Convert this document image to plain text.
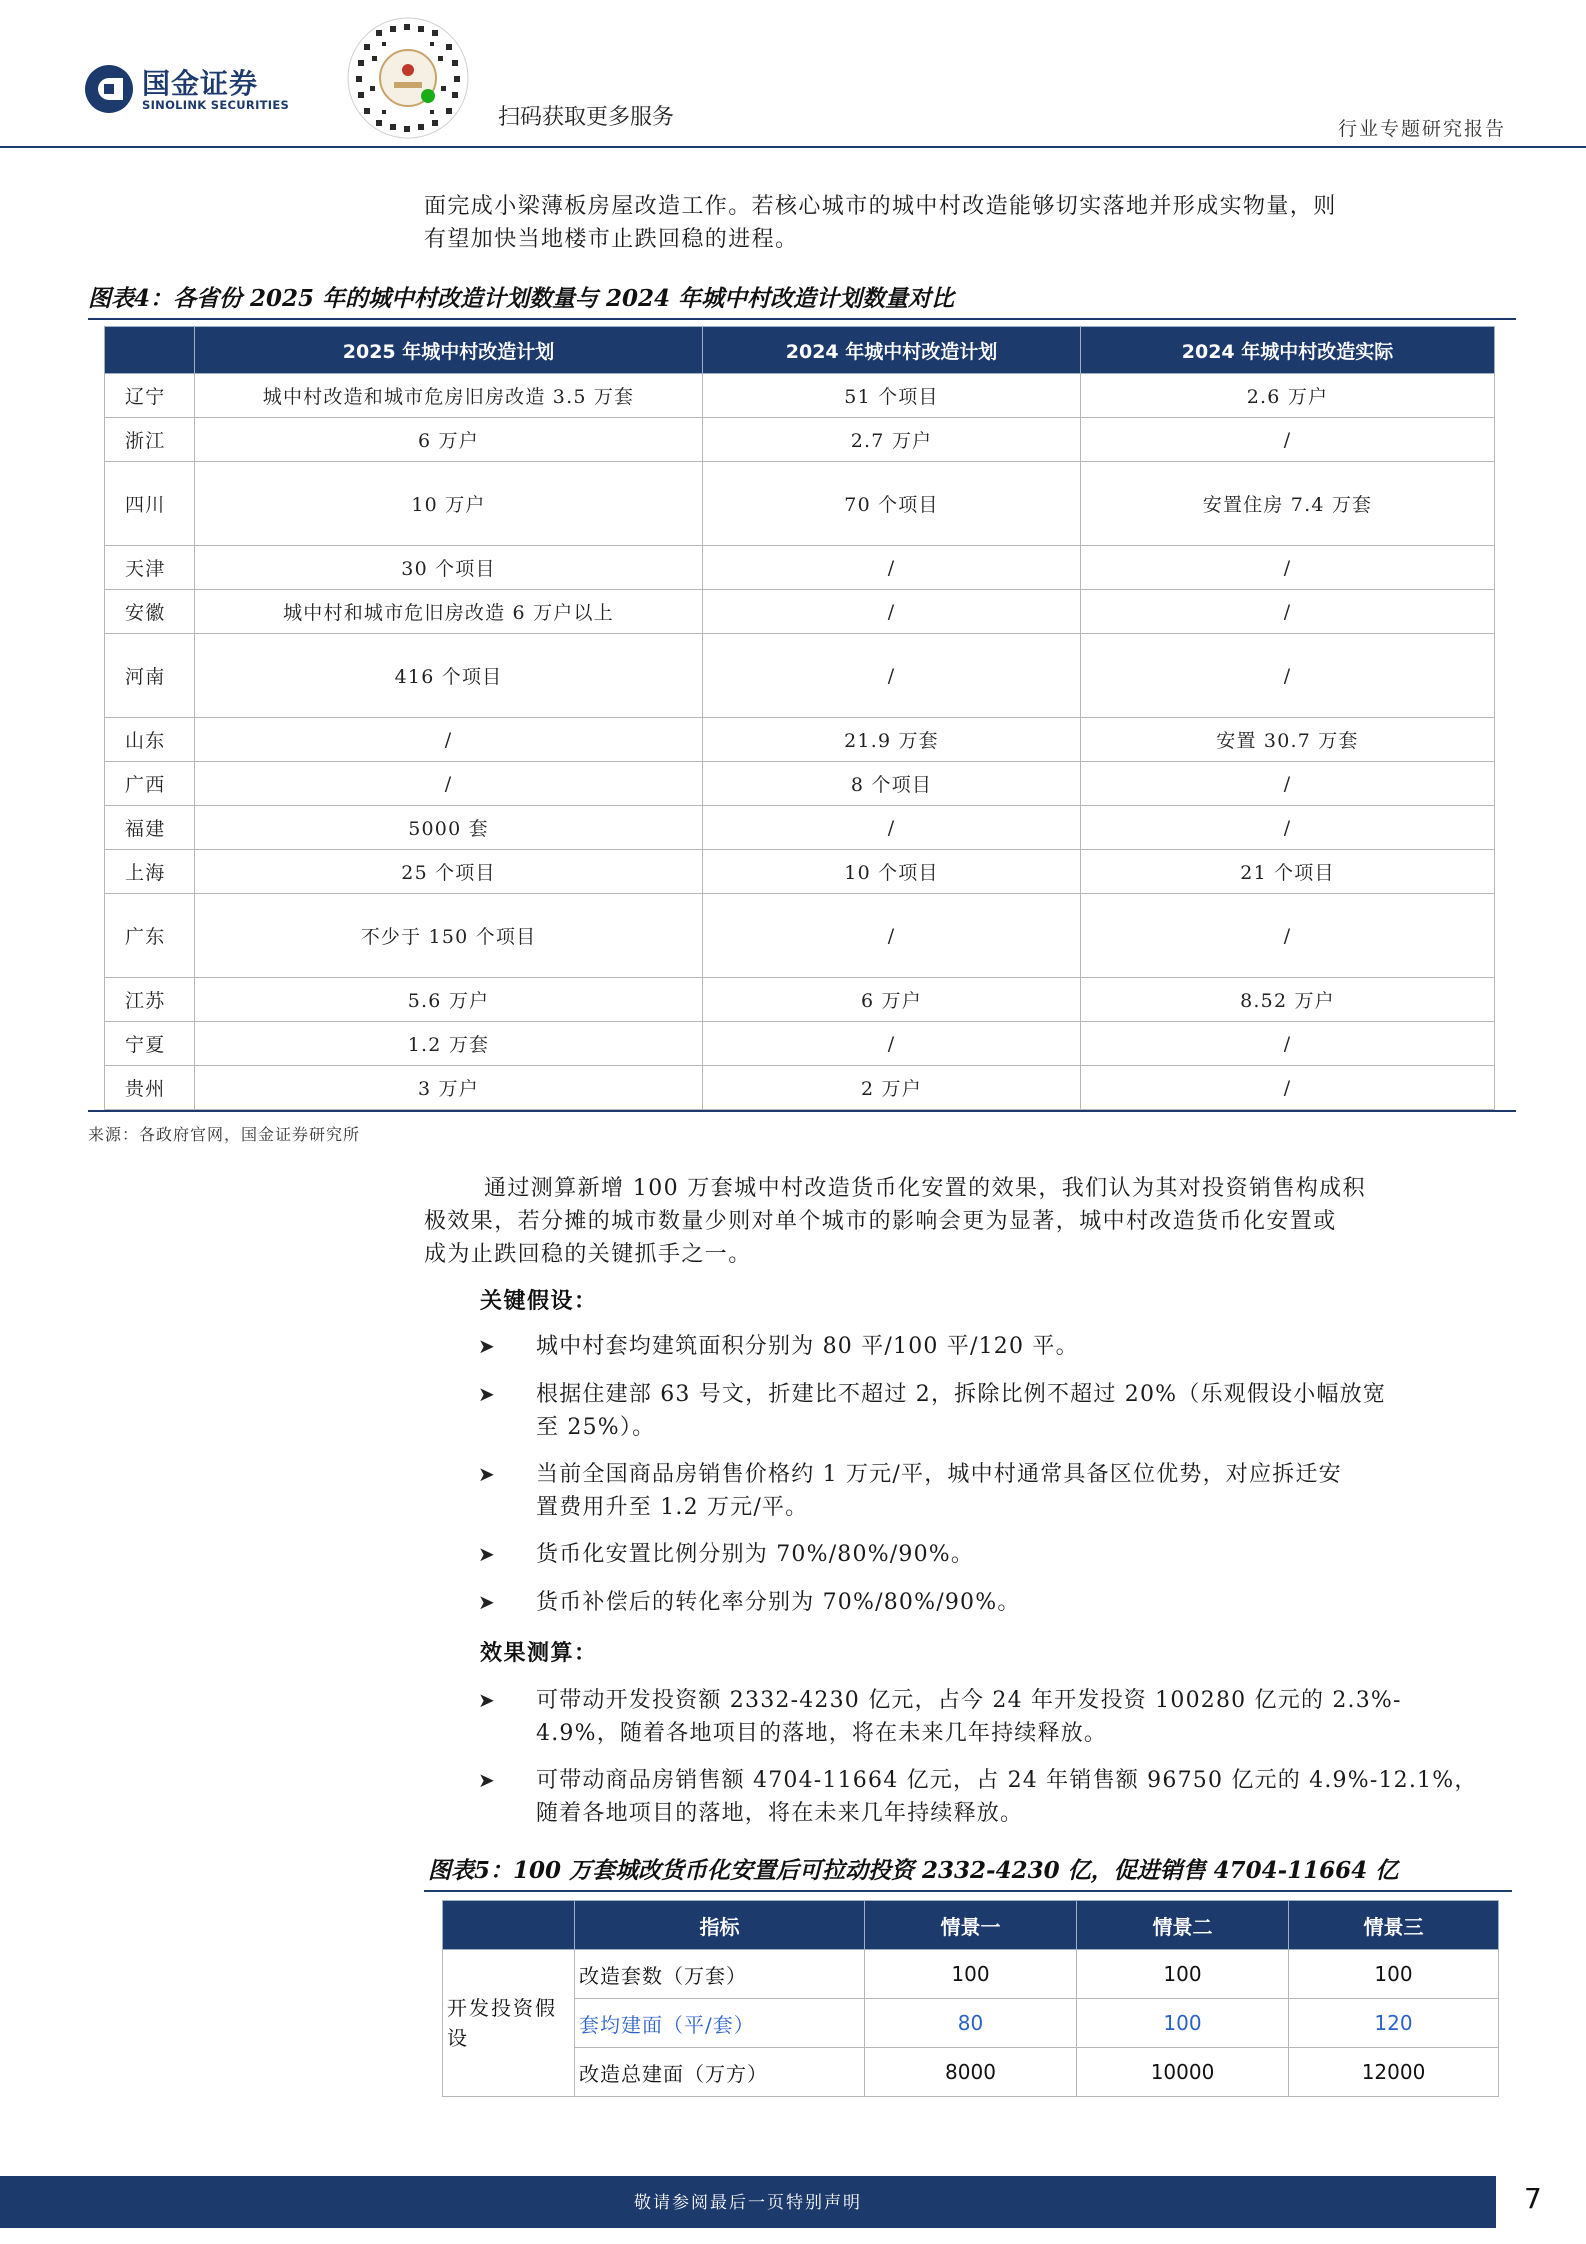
国金证券
SINOLINK SECURITIES	扫码获取更多服务	行业专题研究报告
面完成小梁薄板房屋改造工作。若核心城市的城中村改造能够切实落地并形成实物量，则
有望加快当地楼市止跌回稳的进程。
图表4：各省份 2025 年的城中村改造计划数量与 2024 年城中村改造计划数量对比
	2025 年城中村改造计划	2024 年城中村改造计划	2024 年城中村改造实际
辽宁	城中村改造和城市危房旧房改造 3.5 万套	51 个项目	2.6 万户
浙江	6 万户	2.7 万户	/
四川	10 万户	70 个项目	安置住房 7.4 万套
天津	30 个项目	/	/
安徽	城中村和城市危旧房改造 6 万户以上	/	/
河南	416 个项目	/	/
山东	/	21.9 万套	安置 30.7 万套
广西	/	8 个项目	/
福建	5000 套	/	/
上海	25 个项目	10 个项目	21 个项目
广东	不少于 150 个项目	/	/
江苏	5.6 万户	6 万户	8.52 万户
宁夏	1.2 万套	/	/
贵州	3 万户	2 万户	/
来源：各政府官网，国金证券研究所
通过测算新增 100 万套城中村改造货币化安置的效果，我们认为其对投资销售构成积
极效果，若分摊的城市数量少则对单个城市的影响会更为显著，城中村改造货币化安置或
成为止跌回稳的关键抓手之一。
关键假设：
➤ 城中村套均建筑面积分别为 80 平/100 平/120 平。
➤ 根据住建部 63 号文，折建比不超过 2，拆除比例不超过 20%（乐观假设小幅放宽
至 25%）。
➤ 当前全国商品房销售价格约 1 万元/平，城中村通常具备区位优势，对应拆迁安
置费用升至 1.2 万元/平。
➤ 货币化安置比例分别为 70%/80%/90%。
➤ 货币补偿后的转化率分别为 70%/80%/90%。
效果测算：
➤ 可带动开发投资额 2332-4230 亿元，占今 24 年开发投资 100280 亿元的 2.3%-
4.9%，随着各地项目的落地，将在未来几年持续释放。
➤ 可带动商品房销售额 4704-11664 亿元，占 24 年销售额 96750 亿元的 4.9%-12.1%，
随着各地项目的落地，将在未来几年持续释放。
图表5：100 万套城改货币化安置后可拉动投资 2332-4230 亿，促进销售 4704-11664 亿
	指标	情景一	情景二	情景三
开发投资假设	改造套数（万套）	100	100	100
	套均建面（平/套）	80	100	120
	改造总建面（万方）	8000	10000	12000
敬请参阅最后一页特别声明	7
